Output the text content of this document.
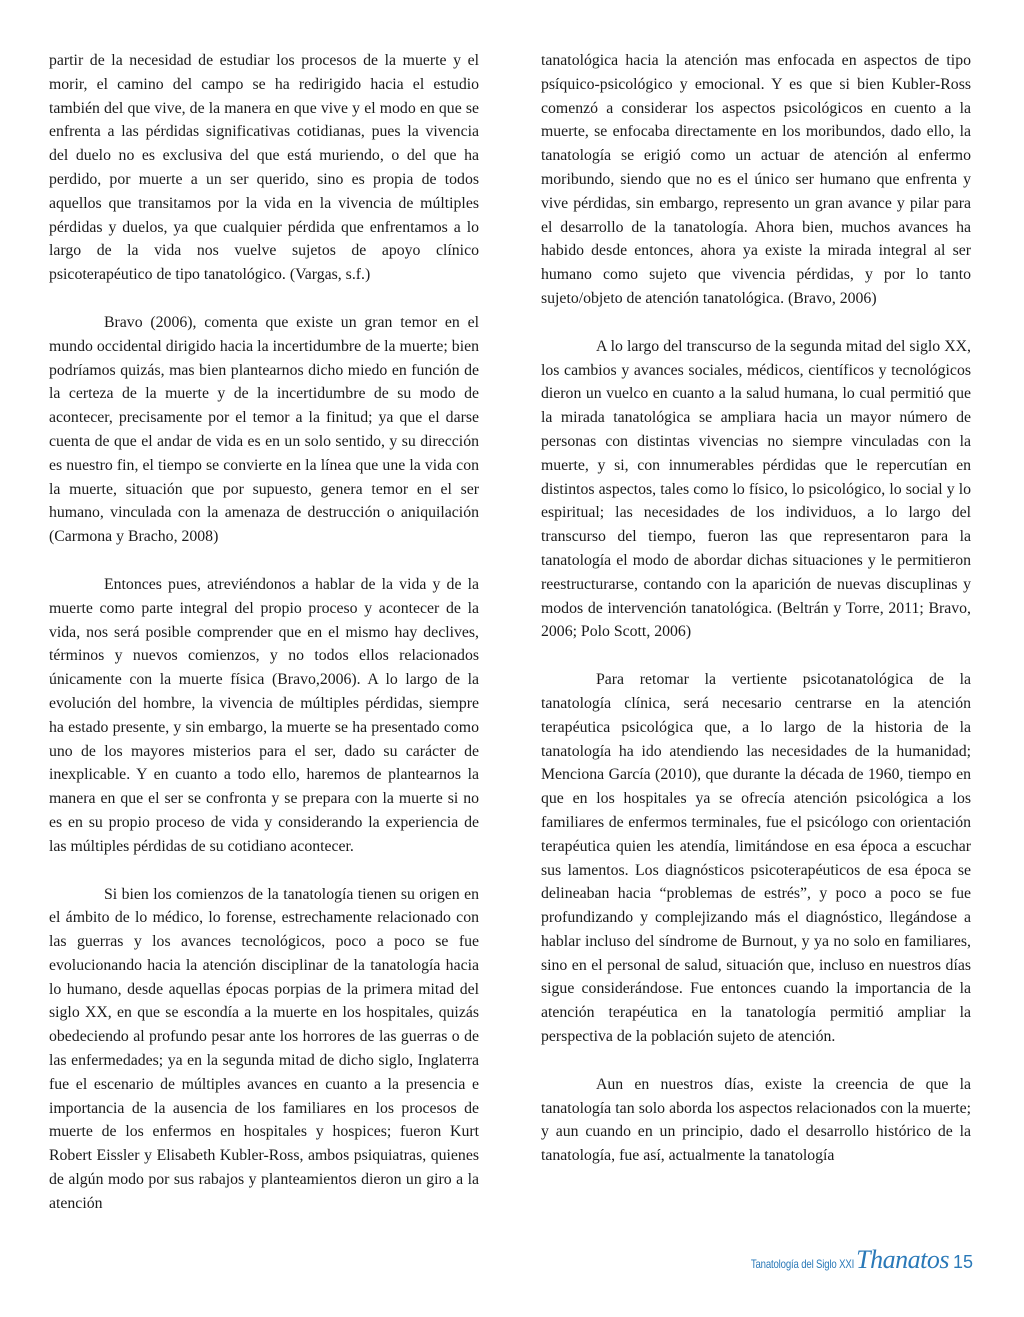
partir de la necesidad de estudiar los procesos de la muerte y el morir, el camino del campo se ha redirigido hacia el estudio también del que vive, de la manera en que vive y el modo en que se enfrenta a las pérdidas significativas cotidianas, pues la vivencia del duelo no es exclusiva del que está muriendo, o del que ha perdido, por muerte a un ser querido, sino es propia de todos aquellos que transitamos por la vida en la vivencia de múltiples pérdidas y duelos, ya que cualquier pérdida que enfrentamos a lo largo de la vida nos vuelve sujetos de apoyo clínico psicoterapéutico de tipo tanatológico. (Vargas, s.f.)

Bravo (2006), comenta que existe un gran temor en el mundo occidental dirigido hacia la incertidumbre de la muerte; bien podríamos quizás, mas bien plantearnos dicho miedo en función de la certeza de la muerte y de la incertidumbre de su modo de acontecer, precisamente por el temor a la finitud; ya que el darse cuenta de que el andar de vida es en un solo sentido, y su dirección es nuestro fin, el tiempo se convierte en la línea que une la vida con la muerte, situación que por supuesto, genera temor en el ser humano, vinculada con la amenaza de destrucción o aniquilación (Carmona y Bracho, 2008)

Entonces pues, atreviéndonos a hablar de la vida y de la muerte como parte integral del propio proceso y acontecer de la vida, nos será posible comprender que en el mismo hay declives, términos y nuevos comienzos, y no todos ellos relacionados únicamente con la muerte física (Bravo,2006). A lo largo de la evolución del hombre, la vivencia de múltiples pérdidas, siempre ha estado presente, y sin embargo, la muerte se ha presentado como uno de los mayores misterios para el ser, dado su carácter de inexplicable. Y en cuanto a todo ello, haremos de plantearnos la manera en que el ser se confronta y se prepara con la muerte si no es en su propio proceso de vida y considerando la experiencia de las múltiples pérdidas de su cotidiano acontecer.

Si bien los comienzos de la tanatología tienen su origen en el ámbito de lo médico, lo forense, estrechamente relacionado con las guerras y los avances tecnológicos, poco a poco se fue evolucionando hacia la atención disciplinar de la tanatología hacia lo humano, desde aquellas épocas porpias de la primera mitad del siglo XX, en que se escondía a la muerte en los hospitales, quizás obedeciendo al profundo pesar ante los horrores de las guerras o de las enfermedades; ya en la segunda mitad de dicho siglo, Inglaterra fue el escenario de múltiples avances en cuanto a la presencia e importancia de la ausencia de los familiares en los procesos de muerte de los enfermos en hospitales y hospices; fueron Kurt Robert Eissler y Elisabeth Kubler-Ross, ambos psiquiatras, quienes de algún modo por sus rabajos y planteamientos dieron un giro a la atención

tanatológica hacia la atención mas enfocada en aspectos de tipo psíquico-psicológico y emocional. Y es que si bien Kubler-Ross comenzó a considerar los aspectos psicológicos en cuento a la muerte, se enfocaba directamente en los moribundos, dado ello, la tanatología se erigió como un actuar de atención al enfermo moribundo, siendo que no es el único ser humano que enfrenta y vive pérdidas, sin embargo, represento un gran avance y pilar para el desarrollo de la tanatología. Ahora bien, muchos avances ha habido desde entonces, ahora ya existe la mirada integral al ser humano como sujeto que vivencia pérdidas, y por lo tanto sujeto/objeto de atención tanatológica. (Bravo, 2006)

A lo largo del transcurso de la segunda mitad del siglo XX, los cambios y avances sociales, médicos, científicos y tecnológicos dieron un vuelco en cuanto a la salud humana, lo cual permitió que la mirada tanatológica se ampliara hacia un mayor número de personas con distintas vivencias no siempre vinculadas con la muerte, y si, con innumerables pérdidas que le repercutían en distintos aspectos, tales como lo físico, lo psicológico, lo social y lo espiritual; las necesidades de los individuos, a lo largo del transcurso del tiempo, fueron las que representaron para la tanatología el modo de abordar dichas situaciones y le permitieron reestructurarse, contando con la aparición de nuevas discuplinas y modos de intervención tanatológica. (Beltrán y Torre, 2011; Bravo, 2006; Polo Scott, 2006)

Para retomar la vertiente psicotanatológica de la tanatología clínica, será necesario centrarse en la atención terapéutica psicológica que, a lo largo de la historia de la tanatología ha ido atendiendo las necesidades de la humanidad; Menciona García (2010), que durante la década de 1960, tiempo en que en los hospitales ya se ofrecía atención psicológica a los familiares de enfermos terminales, fue el psicólogo con orientación terapéutica quien les atendía, limitándose en esa época a escuchar sus lamentos. Los diagnósticos psicoterapéuticos de esa época se delineaban hacia “problemas de estrés”, y poco a poco se fue profundizando y complejizando más el diagnóstico, llegándose a hablar incluso del síndrome de Burnout, y ya no solo en familiares, sino en el personal de salud, situación que, incluso en nuestros días sigue considerándose. Fue entonces cuando la importancia de la atención terapéutica en la tanatología permitió ampliar la perspectiva de la población sujeto de atención.

Aun en nuestros días, existe la creencia de que la tanatología tan solo aborda los aspectos relacionados con la muerte; y aun cuando en un principio, dado el desarrollo histórico de la tanatología, fue así, actualmente la tanatología

Tanatología del Siglo XXI Thanatos 15
